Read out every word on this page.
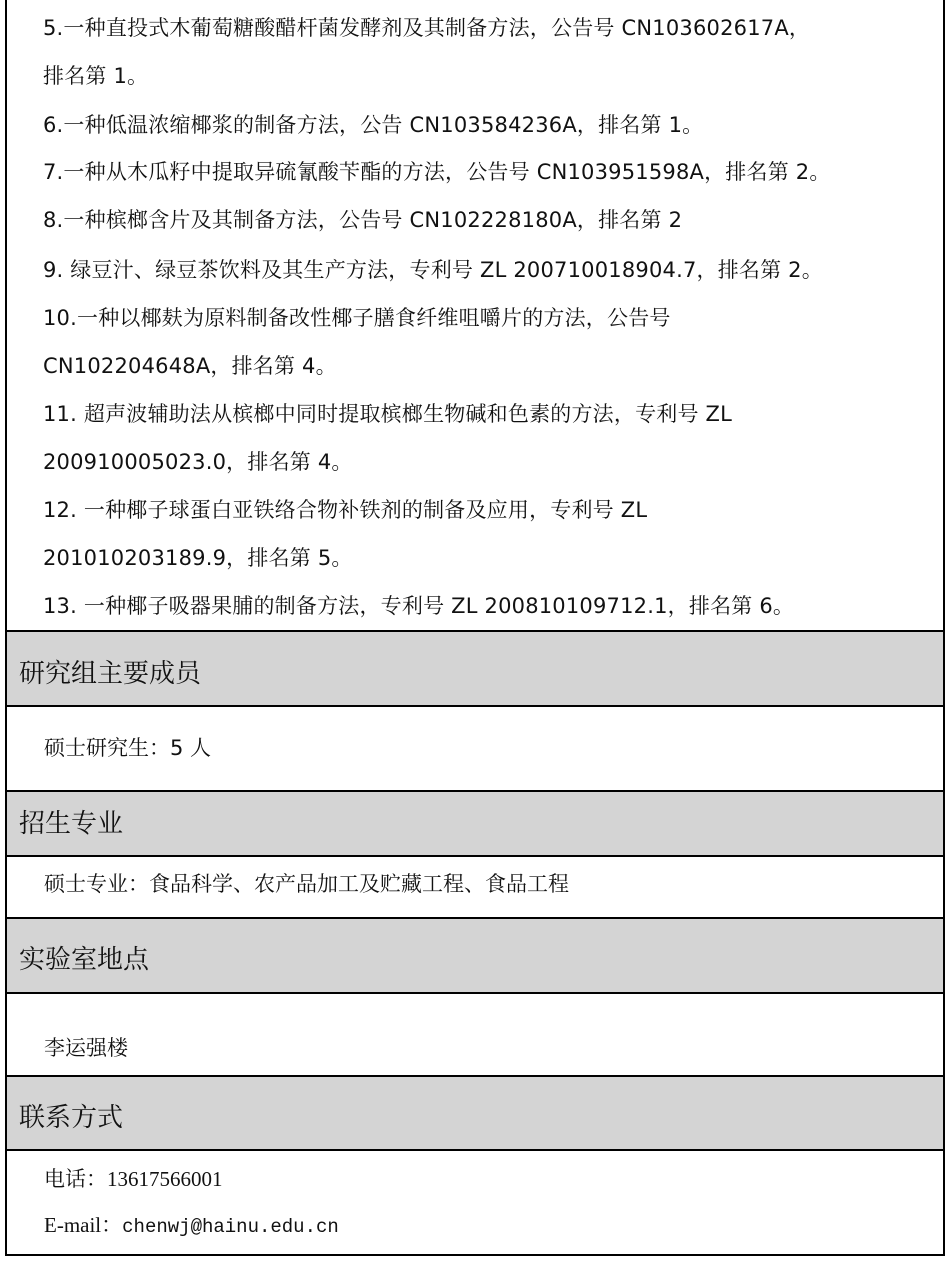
5.一种直投式木葡萄糖酸醋杆菌发酵剂及其制备方法，公告号 CN103602617A，
排名第 1。
6.一种低温浓缩椰浆的制备方法，公告 CN103584236A，排名第 1。
7.一种从木瓜籽中提取异硫氰酸苄酯的方法，公告号 CN103951598A，排名第 2。
8.一种槟榔含片及其制备方法，公告号 CN102228180A，排名第 2
9. 绿豆汁、绿豆茶饮料及其生产方法，专利号 ZL 200710018904.7，排名第 2。
10.一种以椰麸为原料制备改性椰子膳食纤维咀嚼片的方法，公告号
CN102204648A，排名第 4。
11. 超声波辅助法从槟榔中同时提取槟榔生物碱和色素的方法，专利号 ZL
200910005023.0，排名第 4。
12. 一种椰子球蛋白亚铁络合物补铁剂的制备及应用，专利号 ZL
201010203189.9，排名第 5。
13. 一种椰子吸器果脯的制备方法，专利号 ZL 200810109712.1，排名第 6。
研究组主要成员
硕士研究生：5 人
招生专业
硕士专业：食品科学、农产品加工及贮藏工程、食品工程
实验室地点
李运强楼
联系方式
电话：13617566001
E-mail：chenwj@hainu.edu.cn
